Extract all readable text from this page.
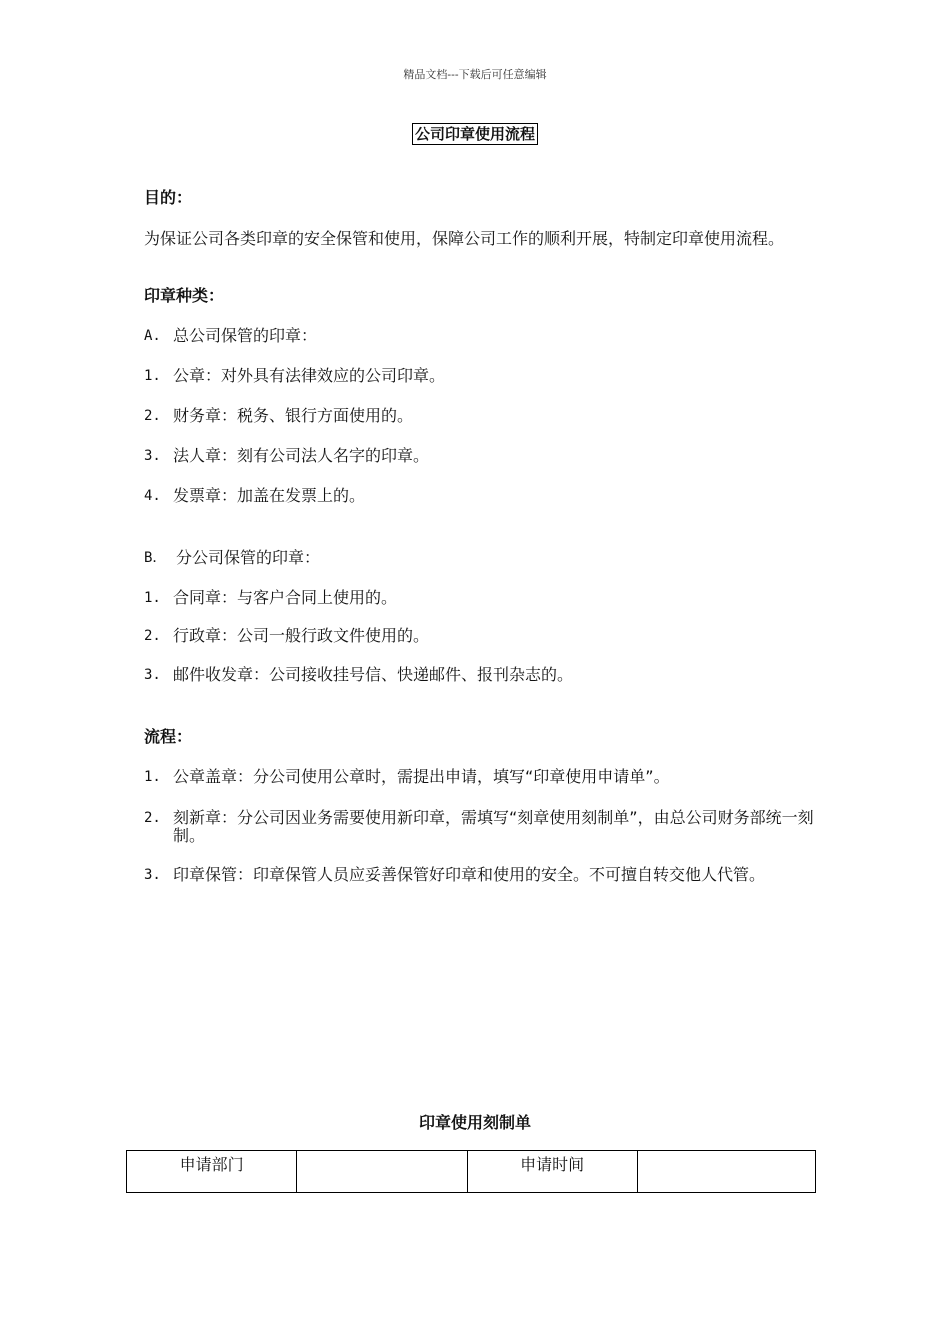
精品文档---下载后可任意编辑
公司印章使用流程
目的：
为保证公司各类印章的安全保管和使用，保障公司工作的顺利开展，特制定印章使用流程。
印章种类：
A. 总公司保管的印章：
1. 公章：对外具有法律效应的公司印章。
2. 财务章：税务、银行方面使用的。
3. 法人章：刻有公司法人名字的印章。
4. 发票章：加盖在发票上的。
B． 分公司保管的印章：
1. 合同章：与客户合同上使用的。
2. 行政章：公司一般行政文件使用的。
3. 邮件收发章：公司接收挂号信、快递邮件、报刊杂志的。
流程：
1. 公章盖章：分公司使用公章时，需提出申请，填写“印章使用申请单”。
2. 刻新章：分公司因业务需要使用新印章，需填写“刻章使用刻制单”，由总公司财务部统一刻制。
3. 印章保管：印章保管人员应妥善保管好印章和使用的安全。不可擅自转交他人代管。
印章使用刻制单
申请部门		申请时间	
